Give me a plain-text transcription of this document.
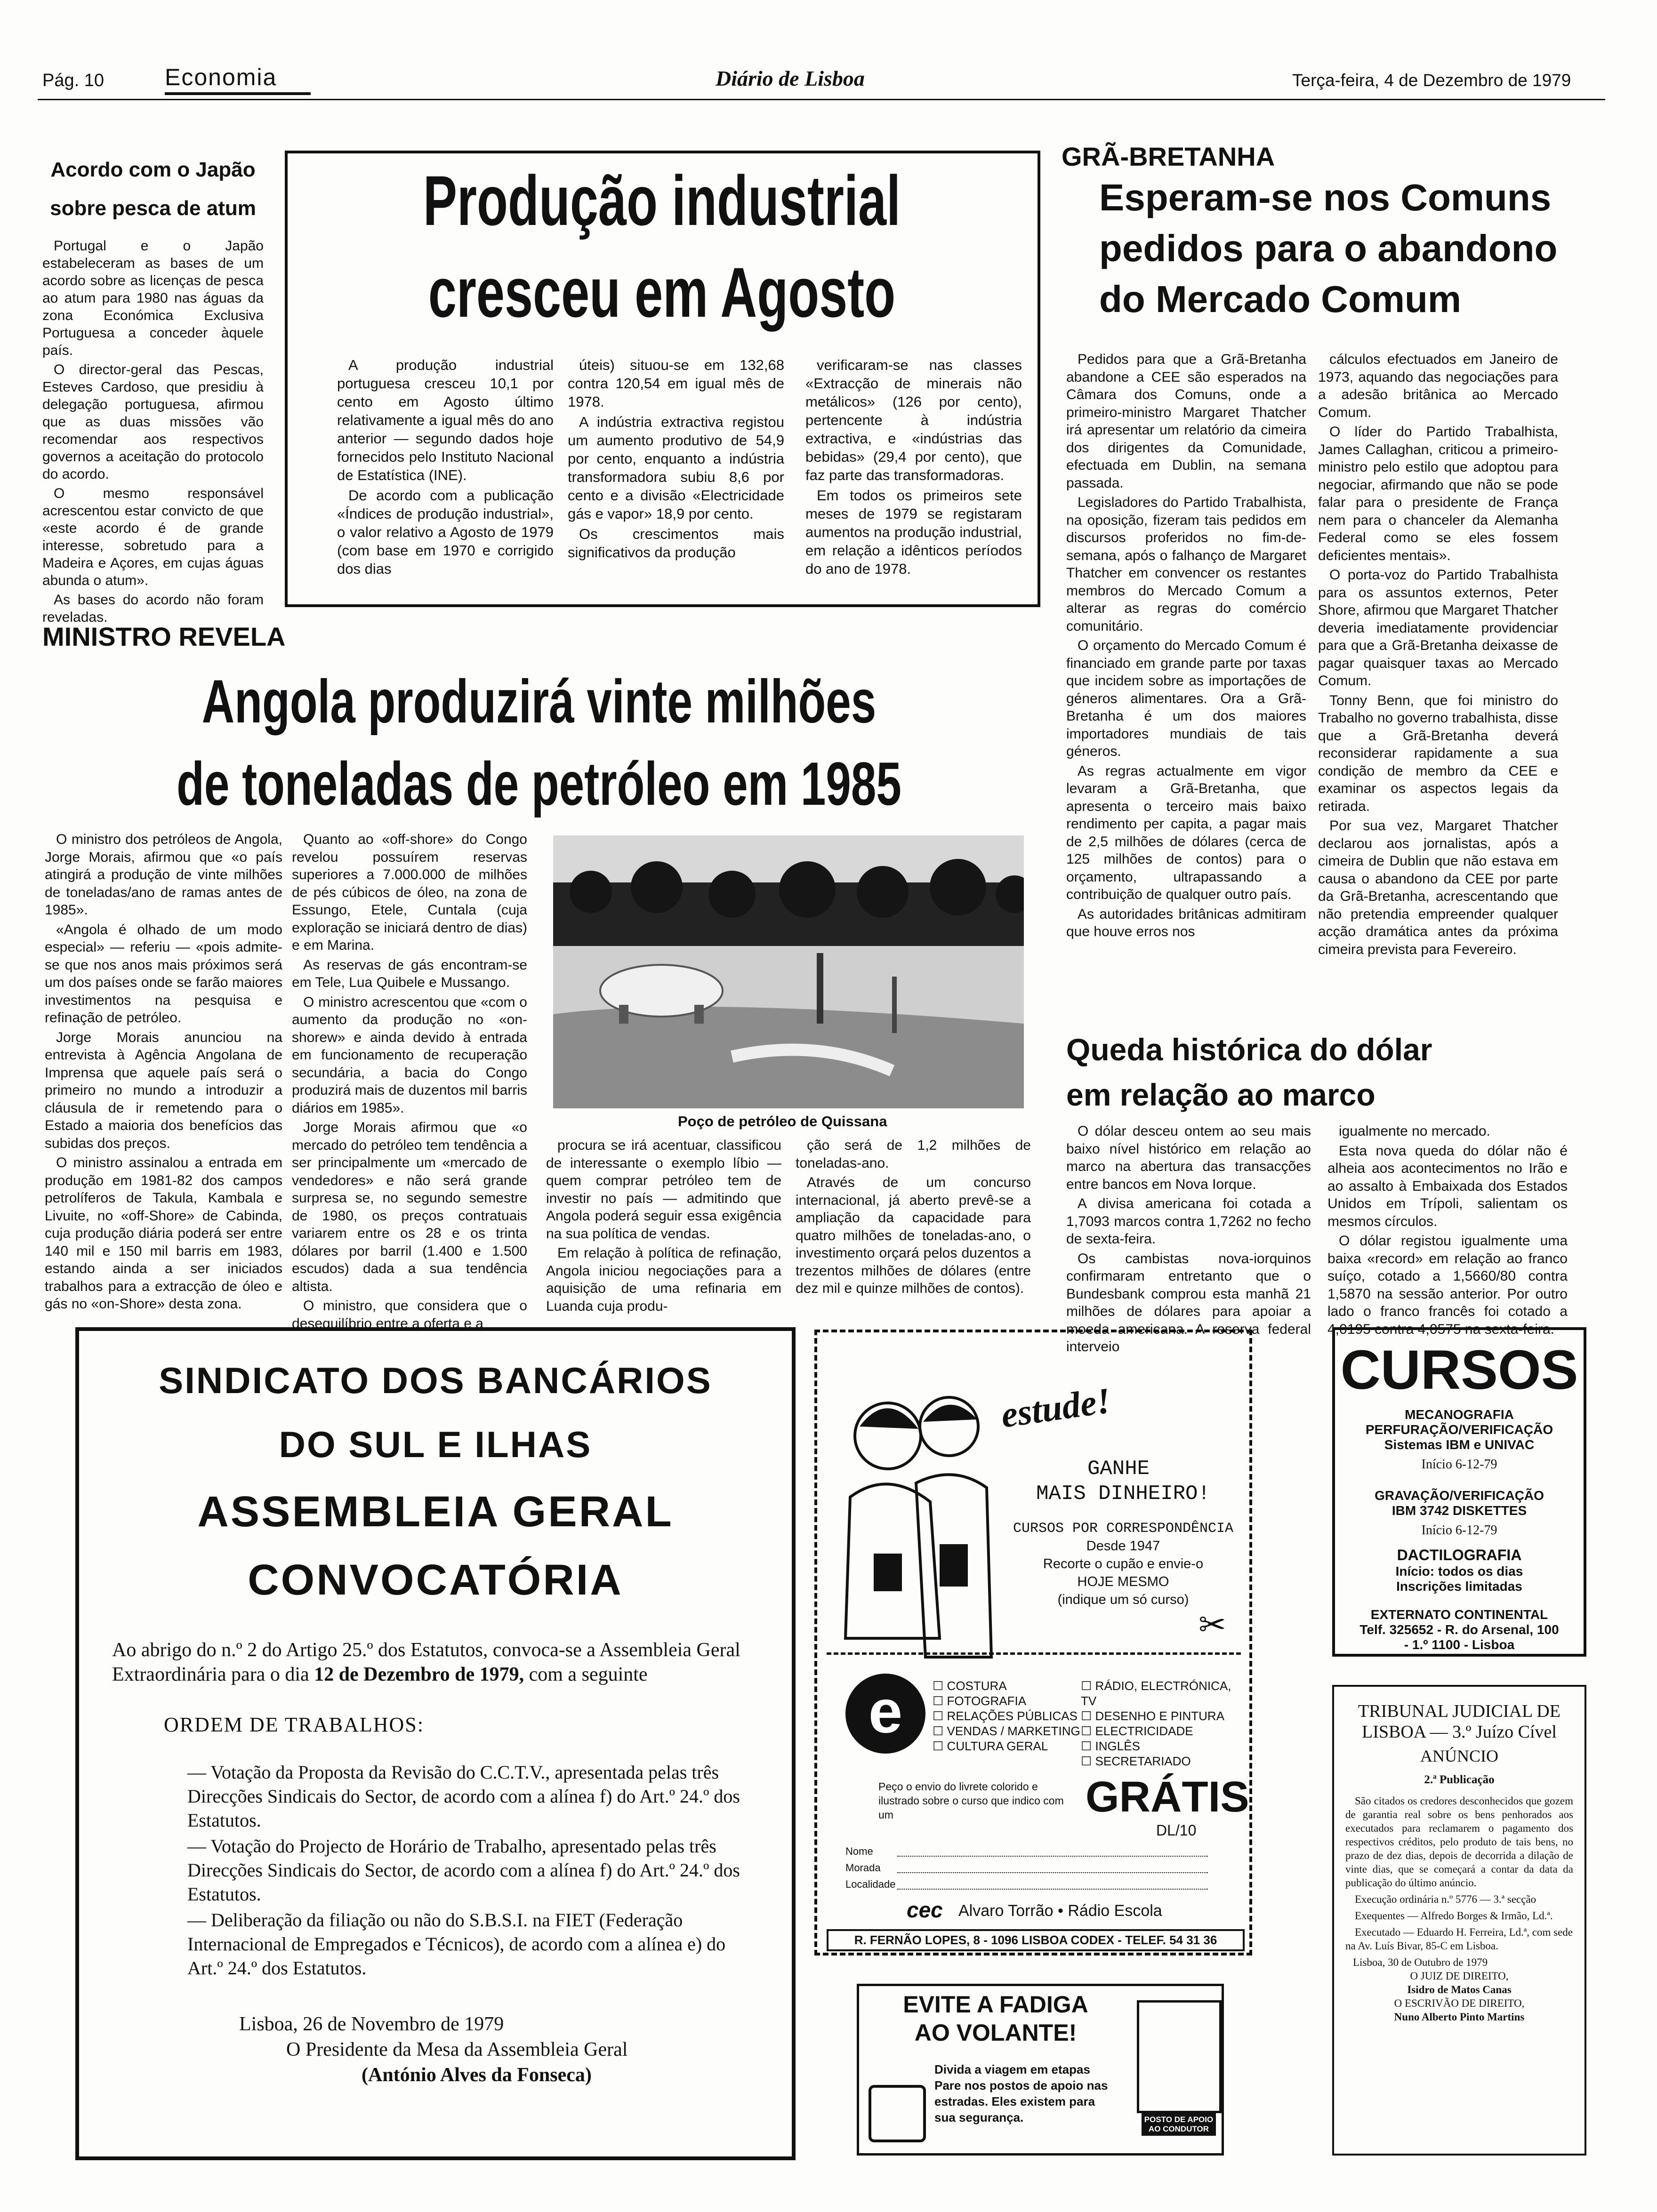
Pág. 10	Economia	Diário de Lisboa	Terça-feira, 4 de Dezembro de 1979
Acordo com o Japão sobre pesca de atum

Portugal e o Japão estabeleceram as bases de um acordo sobre as licenças de pesca ao atum para 1980 nas águas da zona Económica Exclusiva Portuguesa a conceder àquele país.

O director-geral das Pescas, Esteves Cardoso, que presidiu à delegação portuguesa, afirmou que as duas missões vão recomendar aos respectivos governos a aceitação do protocolo do acordo.

O mesmo responsável acrescentou estar convicto de que «este acordo é de grande interesse, sobretudo para a Madeira e Açores, em cujas águas abunda o atum».

As bases do acordo não foram reveladas.

Produção industrial
cresceu em Agosto

A produção industrial portuguesa cresceu 10,1 por cento em Agosto último relativamente a igual mês do ano anterior — segundo dados hoje fornecidos pelo Instituto Nacional de Estatística (INE).

De acordo com a publicação «Índices de produção industrial», o valor relativo a Agosto de 1979 (com base em 1970 e corrigido dos dias

úteis) situou-se em 132,68 contra 120,54 em igual mês de 1978.

A indústria extractiva registou um aumento produtivo de 54,9 por cento, enquanto a indústria transformadora subiu 8,6 por cento e a divisão «Electricidade gás e vapor» 18,9 por cento.

Os crescimentos mais significativos da produção

verificaram-se nas classes «Extracção de minerais não metálicos» (126 por cento), pertencente à indústria extractiva, e «indústrias das bebidas» (29,4 por cento), que faz parte das transformadoras.

Em todos os primeiros sete meses de 1979 se registaram aumentos na produção industrial, em relação a idênticos períodos do ano de 1978.

GRÃ-BRETANHA
Esperam-se nos Comuns
pedidos para o abandono
do Mercado Comum

Pedidos para que a Grã-Bretanha abandone a CEE são esperados na Câmara dos Comuns, onde a primeiro-ministro Margaret Thatcher irá apresentar um relatório da cimeira dos dirigentes da Comunidade, efectuada em Dublin, na semana passada.

Legisladores do Partido Trabalhista, na oposição, fizeram tais pedidos em discursos proferidos no fim-de-semana, após o falhanço de Margaret Thatcher em convencer os restantes membros do Mercado Comum a alterar as regras do comércio comunitário.

O orçamento do Mercado Comum é financiado em grande parte por taxas que incidem sobre as importações de géneros alimentares. Ora a Grã-Bretanha é um dos maiores importadores mundiais de tais géneros.

As regras actualmente em vigor levaram a Grã-Bretanha, que apresenta o terceiro mais baixo rendimento per capita, a pagar mais de 2,5 milhões de dólares (cerca de 125 milhões de contos) para o orçamento, ultrapassando a contribuição de qualquer outro país.

As autoridades britânicas admitiram que houve erros nos

cálculos efectuados em Janeiro de 1973, aquando das negociações para a adesão britânica ao Mercado Comum.

O líder do Partido Trabalhista, James Callaghan, criticou a primeiro-ministro pelo estilo que adoptou para negociar, afirmando que não se pode falar para o presidente de França nem para o chanceler da Alemanha Federal como se eles fossem deficientes mentais».

O porta-voz do Partido Trabalhista para os assuntos externos, Peter Shore, afirmou que Margaret Thatcher deveria imediatamente providenciar para que a Grã-Bretanha deixasse de pagar quaisquer taxas ao Mercado Comum.

Tonny Benn, que foi ministro do Trabalho no governo trabalhista, disse que a Grã-Bretanha deverá reconsiderar rapidamente a sua condição de membro da CEE e examinar os aspectos legais da retirada.

Por sua vez, Margaret Thatcher declarou aos jornalistas, após a cimeira de Dublin que não estava em causa o abandono da CEE por parte da Grã-Bretanha, acrescentando que não pretendia empreender qualquer acção dramática antes da próxima cimeira prevista para Fevereiro.

MINISTRO REVELA
Angola produzirá vinte milhões
de toneladas de petróleo em 1985

O ministro dos petróleos de Angola, Jorge Morais, afirmou que «o país atingirá a produção de vinte milhões de toneladas/ano de ramas antes de 1985».

«Angola é olhado de um modo especial» — referiu — «pois admite-se que nos anos mais próximos será um dos países onde se farão maiores investimentos na pesquisa e refinação de petróleo.

Jorge Morais anunciou na entrevista à Agência Angolana de Imprensa que aquele país será o primeiro no mundo a introduzir a cláusula de ir remetendo para o Estado a maioria dos benefícios das subidas dos preços.

O ministro assinalou a entrada em produção em 1981-82 dos campos petrolíferos de Takula, Kambala e Livuite, no «off-Shore» de Cabinda, cuja produção diária poderá ser entre 140 mil e 150 mil barris em 1983, estando ainda a ser iniciados trabalhos para a extracção de óleo e gás no «on-Shore» desta zona.

Quanto ao «off-shore» do Congo revelou possuírem reservas superiores a 7.000.000 de milhões de pés cúbicos de óleo, na zona de Essungo, Etele, Cuntala (cuja exploração se iniciará dentro de dias) e em Marina.

As reservas de gás encontram-se em Tele, Lua Quibele e Mussango.

O ministro acrescentou que «com o aumento da produção no «on-shorew» e ainda devido à entrada em funcionamento de recuperação secundária, a bacia do Congo produzirá mais de duzentos mil barris diários em 1985».

Jorge Morais afirmou que «o mercado do petróleo tem tendência a ser principalmente um «mercado de vendedores» e não será grande surpresa se, no segundo semestre de 1980, os preços contratuais variarem entre os 28 e os trinta dólares por barril (1.400 e 1.500 escudos) dada a sua tendência altista.

O ministro, que considera que o desequilíbrio entre a oferta e a

Poço de petróleo de Quissana

procura se irá acentuar, classificou de interessante o exemplo líbio — quem comprar petróleo tem de investir no país — admitindo que Angola poderá seguir essa exigência na sua política de vendas.

Em relação à política de refinação, Angola iniciou negociações para a aquisição de uma refinaria em Luanda cuja produ-

ção será de 1,2 milhões de toneladas-ano.

Através de um concurso internacional, já aberto prevê-se a ampliação da capacidade para quatro milhões de toneladas-ano, o investimento orçará pelos duzentos a trezentos milhões de dólares (entre dez mil e quinze milhões de contos).

Queda histórica do dólar
em relação ao marco

O dólar desceu ontem ao seu mais baixo nível histórico em relação ao marco na abertura das transacções entre bancos em Nova Iorque.

A divisa americana foi cotada a 1,7093 marcos contra 1,7262 no fecho de sexta-feira.

Os cambistas nova-iorquinos confirmaram entretanto que o Bundesbank comprou esta manhã 21 milhões de dólares para apoiar a moeda americana. A reserva federal interveio

igualmente no mercado.

Esta nova queda do dólar não é alheia aos acontecimentos no Irão e ao assalto à Embaixada dos Estados Unidos em Trípoli, salientam os mesmos círculos.

O dólar registou igualmente uma baixa «record» em relação ao franco suíço, cotado a 1,5660/80 contra 1,5870 na sessão anterior. Por outro lado o franco francês foi cotado a 4,0195 contra 4,0575 na sexta-feira.

SINDICATO DOS BANCÁRIOS
DO SUL E ILHAS
ASSEMBLEIA GERAL
CONVOCATÓRIA
Ao abrigo do n.º 2 do Artigo 25.º dos Estatutos, convoca-se a Assembleia Geral Extraordinária para o dia 12 de Dezembro de 1979, com a seguinte
ORDEM DE TRABALHOS:
— Votação da Proposta da Revisão do C.C.T.V., apresentada pelas três Direcções Sindicais do Sector, de acordo com a alínea f) do Art.º 24.º dos Estatutos.
— Votação do Projecto de Horário de Trabalho, apresentado pelas três Direcções Sindicais do Sector, de acordo com a alínea f) do Art.º 24.º dos Estatutos.
— Deliberação da filiação ou não do S.B.S.I. na FIET (Federação Internacional de Empregados e Técnicos), de acordo com a alínea e) do Art.º 24.º dos Estatutos.
Lisboa, 26 de Novembro de 1979
O Presidente da Mesa da Assembleia Geral
(António Alves da Fonseca)
estude!
GANHE
MAIS DINHEIRO!
CURSOS POR CORRESPONDÊNCIA
Desde 1947
Recorte o cupão e envie-o
HOJE MESMO
(indique um só curso)
✂
e	☐ COSTURA
☐ FOTOGRAFIA
☐ RELAÇÕES PÚBLICAS
☐ VENDAS / MARKETING
☐ CULTURA GERAL
☐ RÁDIO, ELECTRÓNICA, TV
☐ DESENHO E PINTURA
☐ ELECTRICIDADE
☐ INGLÊS
☐ SECRETARIADO
Peço o envio do livrete colorido e ilustrado sobre o curso que indico com um	GRÁTIS
DL/10
Nome
Morada
Localidade
cec Alvaro Torrão • Rádio Escola
R. FERNÃO LOPES, 8 - 1096 LISBOA CODEX - TELEF. 54 31 36
EVITE A FADIGA
AO VOLANTE!
Divida a viagem em etapas Pare nos postos de apoio nas estradas. Eles existem para sua segurança.	POSTO DE APOIO AO CONDUTOR
CURSOS
MECANOGRAFIA
PERFURAÇÃO/VERIFICAÇÃO
Sistemas IBM e UNIVAC
Início 6-12-79
GRAVAÇÃO/VERIFICAÇÃO
IBM 3742 DISKETTES
Início 6-12-79
DACTILOGRAFIA
Início: todos os dias
Inscrições limitadas
EXTERNATO CONTINENTAL
Telf. 325652 - R. do Arsenal, 100
- 1.º 1100 - Lisboa
TRIBUNAL JUDICIAL DE LISBOA — 3.º Juízo Cível
ANÚNCIO
2.ª Publicação
São citados os credores desconhecidos que gozem de garantia real sobre os bens penhorados aos executados para reclamarem o pagamento dos respectivos créditos, pelo produto de tais bens, no prazo de dez dias, depois de decorrida a dilação de vinte dias, que se começará a contar da data da publicação do último anúncio.
Execução ordinária n.º 5776 — 3.ª secção
Exequentes — Alfredo Borges & Irmão, Ld.ª.
Executado — Eduardo H. Ferreira, Ld.ª, com sede na Av. Luís Bivar, 85-C em Lisboa.
Lisboa, 30 de Outubro de 1979
O JUIZ DE DIREITO,
Isidro de Matos Canas
O ESCRIVÃO DE DIREITO,
Nuno Alberto Pinto Martins
